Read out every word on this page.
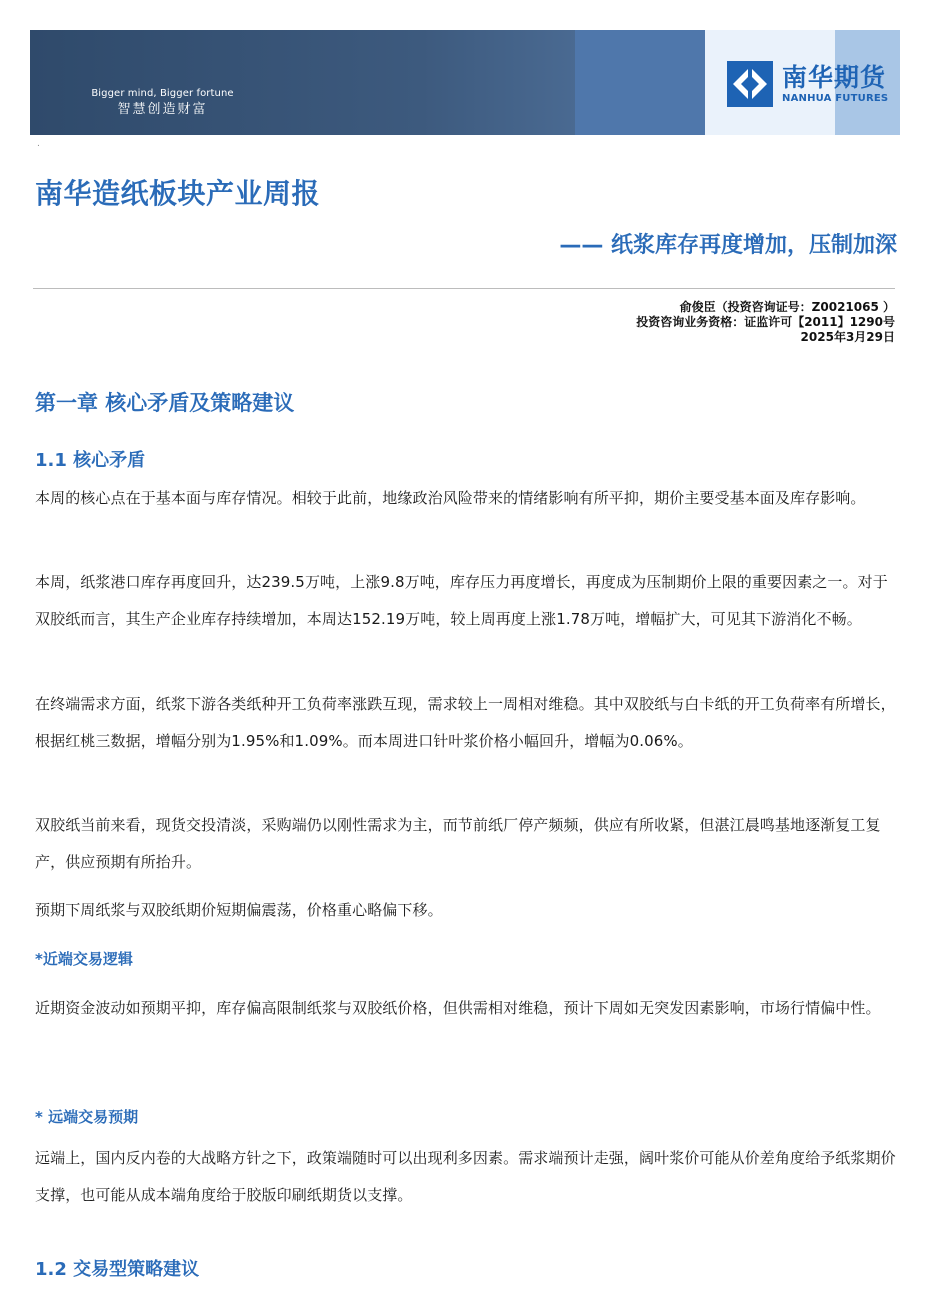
Bigger mind, Bigger fortune
智慧创造财富
南华期货
NANHUA FUTURES
.
南华造纸板块产业周报
—— 纸浆库存再度增加，压制加深
俞俊臣（投资咨询证号：Z0021065 ）
投资咨询业务资格：证监许可【2011】1290号
2025年3月29日
第一章 核心矛盾及策略建议
1.1 核心矛盾

本周的核心点在于基本面与库存情况。相较于此前，地缘政治风险带来的情绪影响有所平抑，期价主要受基本面及库存影响。

本周，纸浆港口库存再度回升，达239.5万吨，上涨9.8万吨，库存压力再度增长，再度成为压制期价上限的重要因素之一。对于双胶纸而言，其生产企业库存持续增加，本周达152.19万吨，较上周再度上涨1.78万吨，增幅扩大，可见其下游消化不畅。

在终端需求方面，纸浆下游各类纸种开工负荷率涨跌互现，需求较上一周相对维稳。其中双胶纸与白卡纸的开工负荷率有所增长，根据红桃三数据，增幅分别为1.95%和1.09%。而本周进口针叶浆价格小幅回升，增幅为0.06%。

双胶纸当前来看，现货交投清淡，采购端仍以刚性需求为主，而节前纸厂停产频频，供应有所收紧，但湛江晨鸣基地逐渐复工复产，供应预期有所抬升。

预期下周纸浆与双胶纸期价短期偏震荡，价格重心略偏下移。

*近端交易逻辑

近期资金波动如预期平抑，库存偏高限制纸浆与双胶纸价格，但供需相对维稳，预计下周如无突发因素影响，市场行情偏中性。

* 远端交易预期

远端上，国内反内卷的大战略方针之下，政策端随时可以出现利多因素。需求端预计走强，阔叶浆价可能从价差角度给予纸浆期价支撑，也可能从成本端角度给于胶版印刷纸期货以支撑。

1.2 交易型策略建议
